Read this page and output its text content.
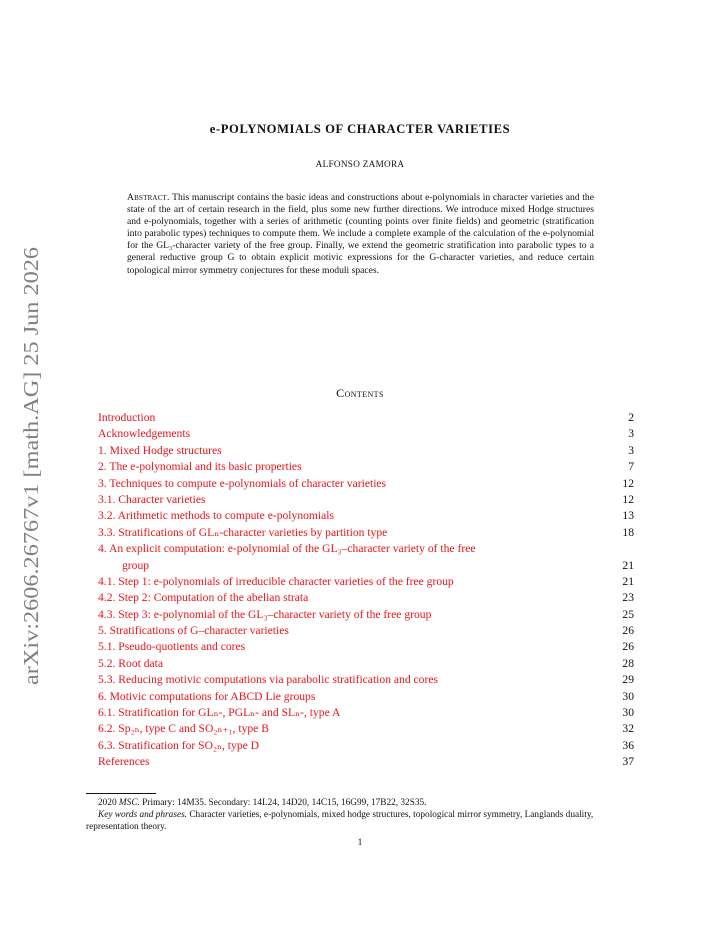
arXiv:2606.26767v1 [math.AG] 25 Jun 2026
e-POLYNOMIALS OF CHARACTER VARIETIES
ALFONSO ZAMORA
Abstract. This manuscript contains the basic ideas and constructions about e-polynomials in character varieties and the state of the art of certain research in the field, plus some new further directions. We introduce mixed Hodge structures and e-polynomials, together with a series of arithmetic (counting points over finite fields) and geometric (stratification into parabolic types) techniques to compute them. We include a complete example of the calculation of the e-polynomial for the GL₃-character variety of the free group. Finally, we extend the geometric stratification into parabolic types to a general reductive group G to obtain explicit motivic expressions for the G-character varieties, and reduce certain topological mirror symmetry conjectures for these moduli spaces.
Contents
Introduction	2
Acknowledgements	3
1. Mixed Hodge structures	3
2. The e-polynomial and its basic properties	7
3. Techniques to compute e-polynomials of character varieties	12
3.1. Character varieties	12
3.2. Arithmetic methods to compute e-polynomials	13
3.3. Stratifications of GLₙ-character varieties by partition type	18
4. An explicit computation: e-polynomial of the GL₃–character variety of the free
group	21
4.1. Step 1: e-polynomials of irreducible character varieties of the free group	21
4.2. Step 2: Computation of the abelian strata	23
4.3. Step 3: e-polynomial of the GL₃–character variety of the free group	25
5. Stratifications of G–character varieties	26
5.1. Pseudo-quotients and cores	26
5.2. Root data	28
5.3. Reducing motivic computations via parabolic stratification and cores	29
6. Motivic computations for ABCD Lie groups	30
6.1. Stratification for GLₙ-, PGLₙ- and SLₙ-, type A	30
6.2. Sp₂ₙ, type C and SO₂ₙ₊₁, type B	32
6.3. Stratification for SO₂ₙ, type D	36
References	37

2020 MSC. Primary: 14M35. Secondary: 14L24, 14D20, 14C15, 16G99, 17B22, 32S35.

Key words and phrases. Character varieties, e-polynomials, mixed hodge structures, topological mirror symmetry, Langlands duality, representation theory.

1
